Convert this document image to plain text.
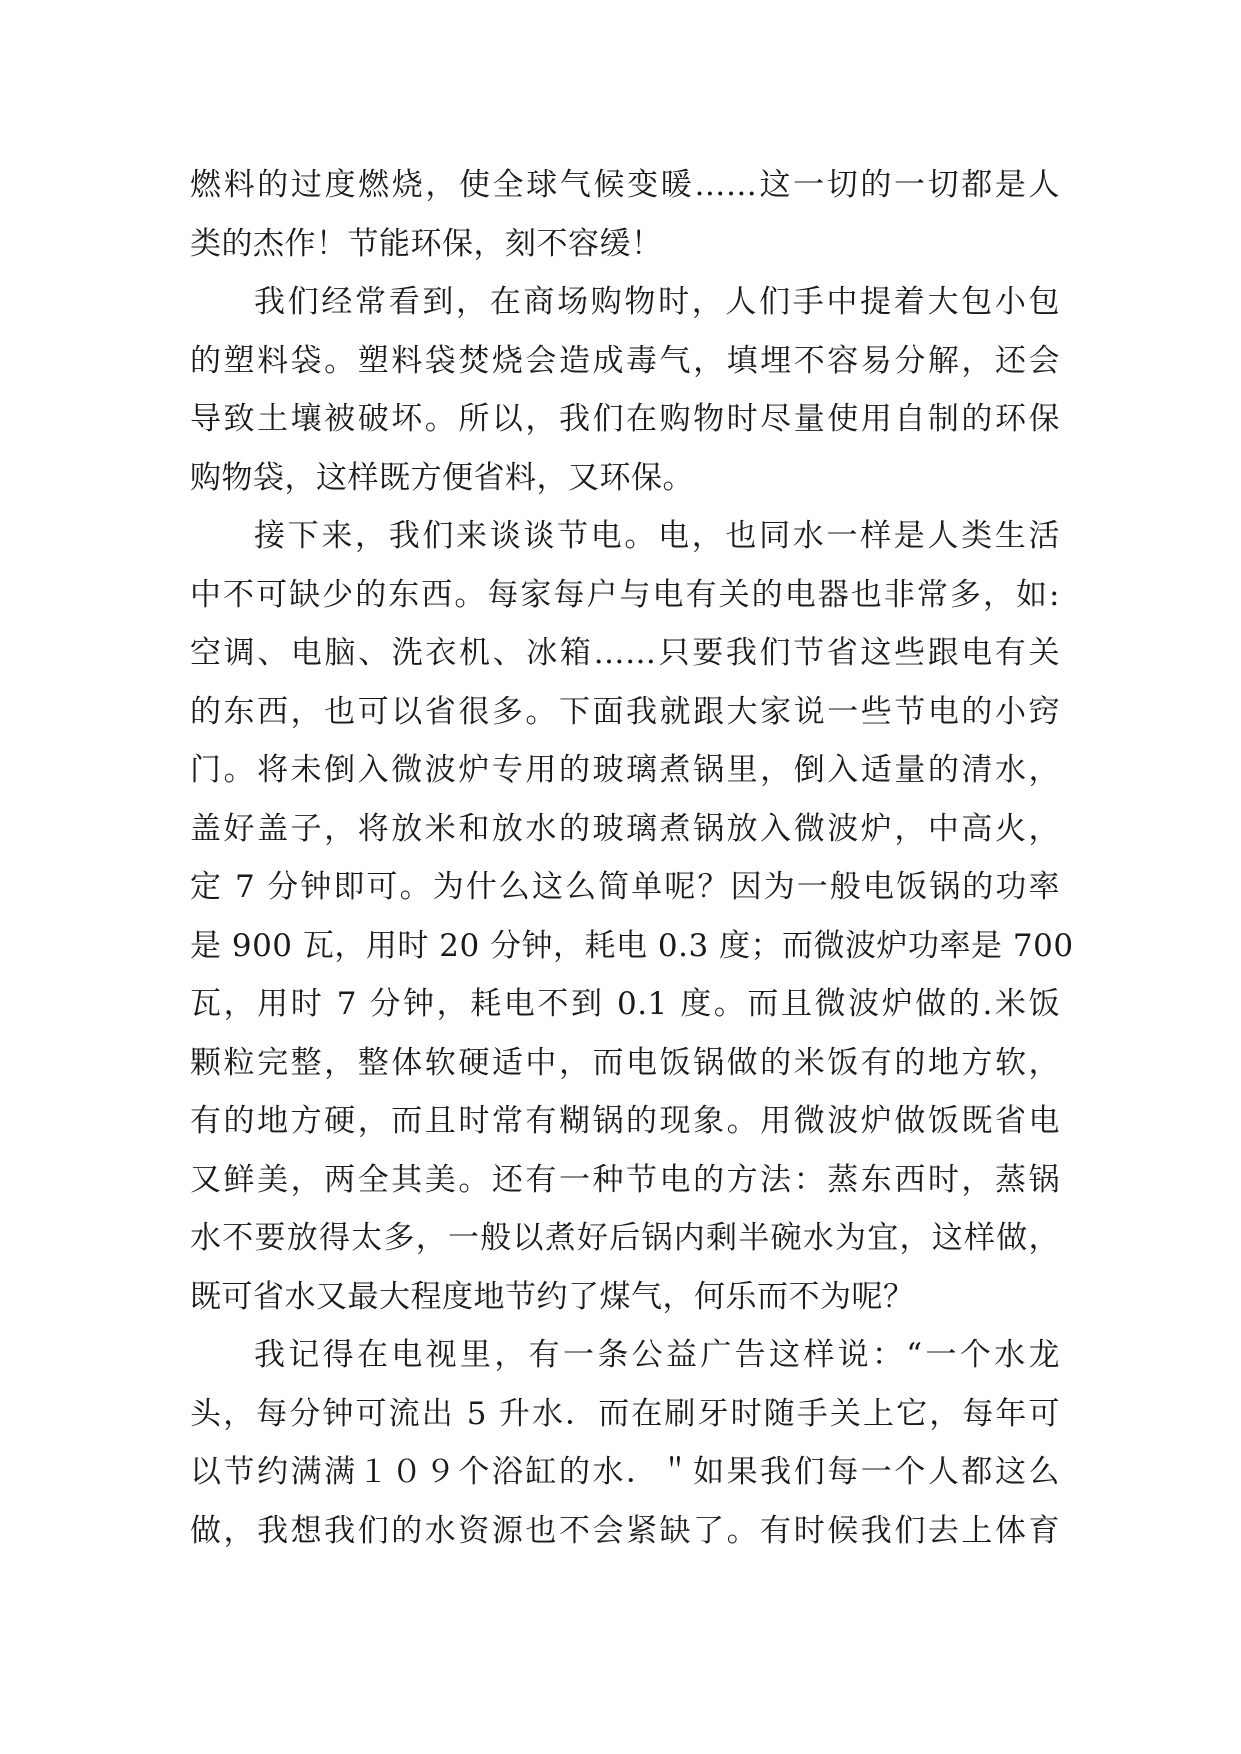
燃料的过度燃烧，使全球气候变暖……这一切的一切都是人
类的杰作！节能环保，刻不容缓！
我们经常看到，在商场购物时，人们手中提着大包小包
的塑料袋。塑料袋焚烧会造成毒气，填埋不容易分解，还会
导致土壤被破坏。所以，我们在购物时尽量使用自制的环保
购物袋，这样既方便省料，又环保。
接下来，我们来谈谈节电。电，也同水一样是人类生活
中不可缺少的东西。每家每户与电有关的电器也非常多，如:
空调、电脑、洗衣机、冰箱……只要我们节省这些跟电有关
的东西，也可以省很多。下面我就跟大家说一些节电的小窍
门。将未倒入微波炉专用的玻璃煮锅里，倒入适量的清水，
盖好盖子，将放米和放水的玻璃煮锅放入微波炉，中高火，
定 7 分钟即可。为什么这么简单呢？因为一般电饭锅的功率
是 900 瓦，用时 20 分钟，耗电 0.3 度；而微波炉功率是 700
瓦，用时 7 分钟，耗电不到 0.1 度。而且微波炉做的.米饭
颗粒完整，整体软硬适中，而电饭锅做的米饭有的地方软，
有的地方硬，而且时常有糊锅的现象。用微波炉做饭既省电
又鲜美，两全其美。还有一种节电的方法：蒸东西时，蒸锅
水不要放得太多，一般以煮好后锅内剩半碗水为宜，这样做，
既可省水又最大程度地节约了煤气，何乐而不为呢？
我记得在电视里，有一条公益广告这样说：“一个水龙
头，每分钟可流出 5 升水．而在刷牙时随手关上它，每年可
以节约满满１０９个浴缸的水．＂如果我们每一个人都这么
做，我想我们的水资源也不会紧缺了。有时候我们去上体育
